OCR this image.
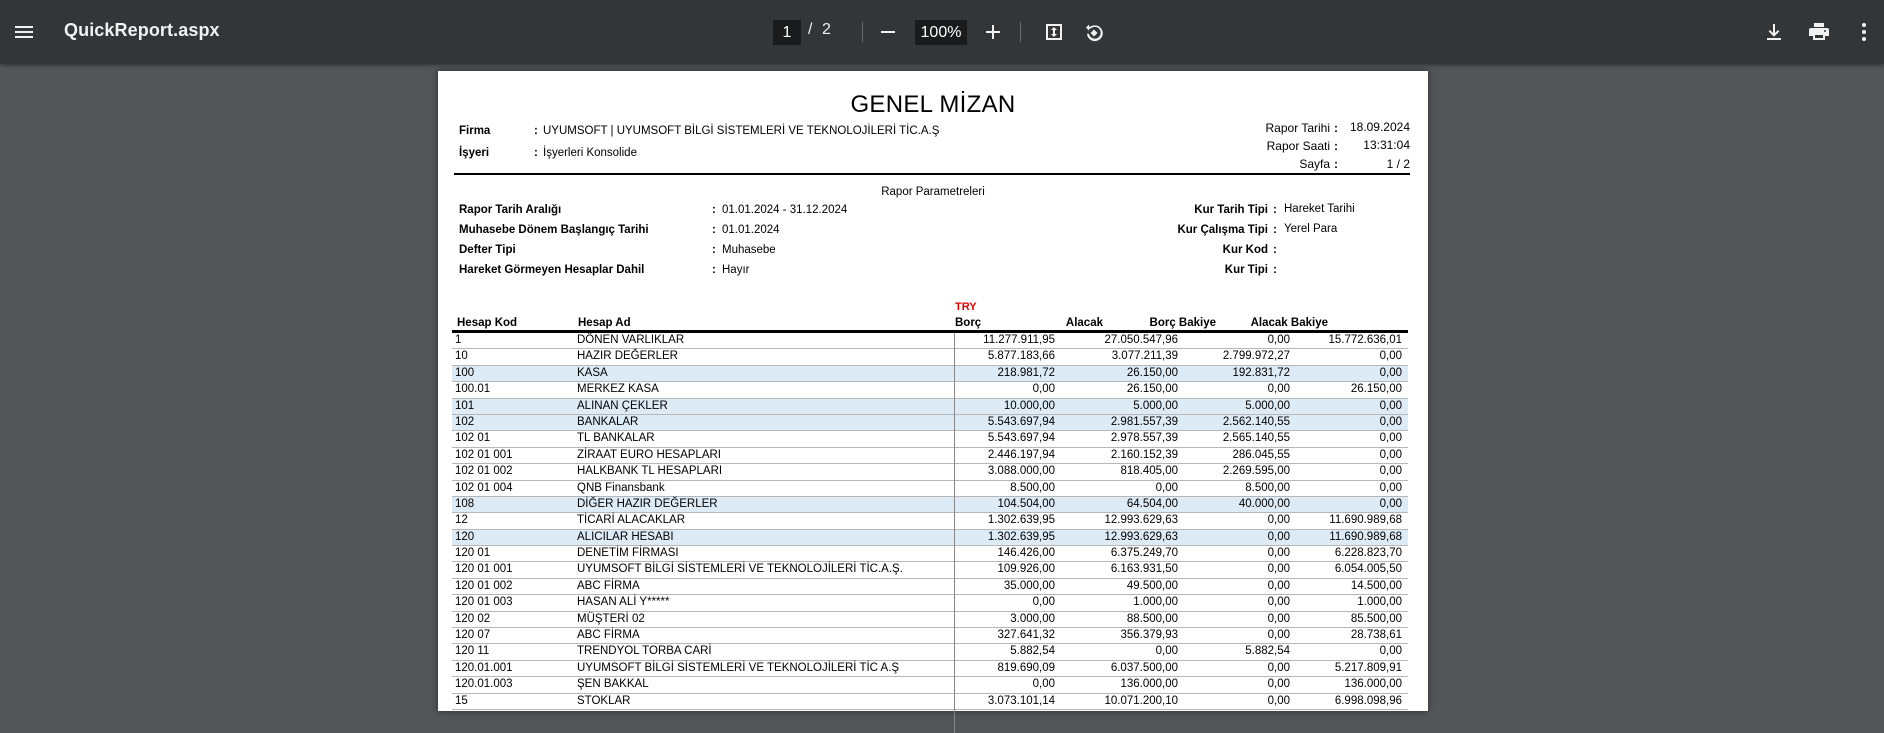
QuickReport.aspx	1	/ 2	100%
GENEL MİZAN
Firma	: UYUMSOFT | UYUMSOFT BİLGİ SİSTEMLERİ VE TEKNOLOJİLERİ TİC.A.Ş
İşyeri	: İşyerleri Konsolide
Rapor Tarihi : 18.09.2024
Rapor Saati :	13:31:04
Sayfa :	1 / 2
Rapor Parametreleri
Rapor Tarih Aralığı	: 01.01.2024 - 31.12.2024
Muhasebe Dönem Başlangıç Tarihi	: 01.01.2024
Defter Tipi	: Muhasebe
Hareket Görmeyen Hesaplar Dahil	: Hayır
Kur Tarih Tipi : Hareket Tarihi
Kur Çalışma Tipi : Yerel Para
Kur Kod :
Kur Tipi :
TRY
Hesap Kod	Hesap Ad	Borç	Alacak	Borç Bakiye	Alacak Bakiye
1	DÖNEN VARLIKLAR	11.277.911,95	27.050.547,96	0,00	15.772.636,01
10	HAZIR DEĞERLER	5.877.183,66	3.077.211,39	2.799.972,27	0,00
100	KASA	218.981,72	26.150,00	192.831,72	0,00
100.01	MERKEZ KASA	0,00	26.150,00	0,00	26.150,00
101	ALINAN ÇEKLER	10.000,00	5.000,00	5.000,00	0,00
102	BANKALAR	5.543.697,94	2.981.557,39	2.562.140,55	0,00
102 01	TL BANKALAR	5.543.697,94	2.978.557,39	2.565.140,55	0,00
102 01 001	ZİRAAT EURO HESAPLARI	2.446.197,94	2.160.152,39	286.045,55	0,00
102 01 002	HALKBANK TL HESAPLARI	3.088.000,00	818.405,00	2.269.595,00	0,00
102 01 004	QNB Finansbank	8.500,00	0,00	8.500,00	0,00
108	DİĞER HAZIR DEĞERLER	104.504,00	64.504,00	40.000,00	0,00
12	TİCARİ ALACAKLAR	1.302.639,95	12.993.629,63	0,00	11.690.989,68
120	ALICILAR HESABI	1.302.639,95	12.993.629,63	0,00	11.690.989,68
120 01	DENETİM FİRMASI	146.426,00	6.375.249,70	0,00	6.228.823,70
120 01 001	UYUMSOFT BİLGİ SİSTEMLERİ VE TEKNOLOJİLERİ TİC.A.Ş.	109.926,00	6.163.931,50	0,00	6.054.005,50
120 01 002	ABC FİRMA	35.000,00	49.500,00	0,00	14.500,00
120 01 003	HASAN ALİ Y*****	0,00	1.000,00	0,00	1.000,00
120 02	MÜŞTERİ 02	3.000,00	88.500,00	0,00	85.500,00
120 07	ABC FİRMA	327.641,32	356.379,93	0,00	28.738,61
120 11	TRENDYOL TORBA CARİ	5.882,54	0,00	5.882,54	0,00
120.01.001	UYUMSOFT BİLGİ SİSTEMLERİ VE TEKNOLOJİLERİ TİC A.Ş	819.690,09	6.037.500,00	0,00	5.217.809,91
120.01.003	ŞEN BAKKAL	0,00	136.000,00	0,00	136.000,00
15	STOKLAR	3.073.101,14	10.071.200,10	0,00	6.998.098,96
